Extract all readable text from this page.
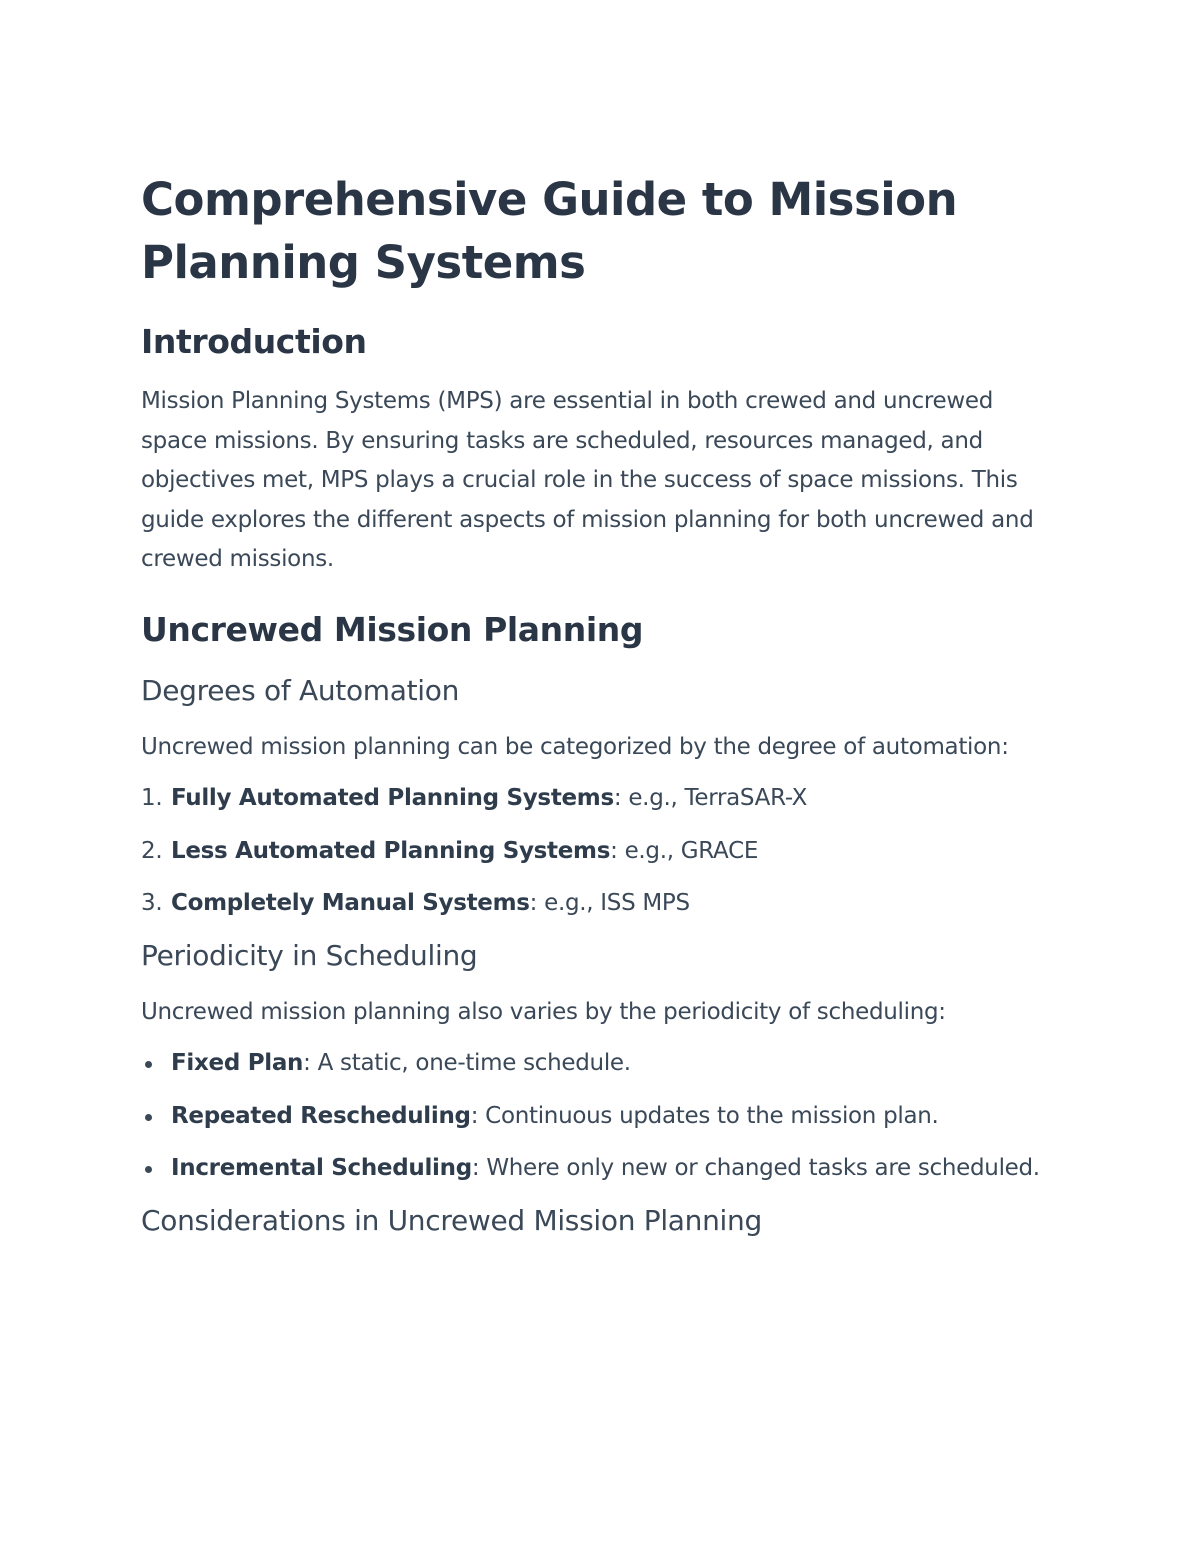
Comprehensive Guide to Mission Planning Systems
Introduction

Mission Planning Systems (MPS) are essential in both crewed and uncrewed space missions. By ensuring tasks are scheduled, resources managed, and objectives met, MPS plays a crucial role in the success of space missions. This guide explores the different aspects of mission planning for both uncrewed and crewed missions.

Uncrewed Mission Planning
Degrees of Automation

Uncrewed mission planning can be categorized by the degree of automation:

1. Fully Automated Planning Systems: e.g., TerraSAR-X
2. Less Automated Planning Systems: e.g., GRACE
3. Completely Manual Systems: e.g., ISS MPS
Periodicity in Scheduling

Uncrewed mission planning also varies by the periodicity of scheduling:

Fixed Plan: A static, one-time schedule.
Repeated Rescheduling: Continuous updates to the mission plan.
Incremental Scheduling: Where only new or changed tasks are scheduled.
Considerations in Uncrewed Mission Planning
